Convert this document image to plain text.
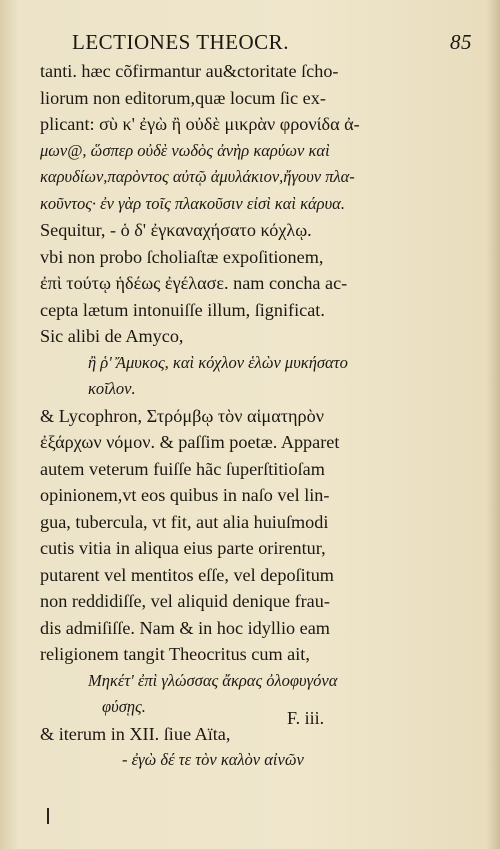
LECTIONES THEOCR.	85
tanti. hæc cõfirmantur au&ctoritate ſcho-
liorum non editorum,quæ locum ſic ex-
plicant: σὺ κ' ἐγὼ ἢ οὐδὲ μικρὰν φρονίδα ἀ-
μων@, ὥσπερ οὐδὲ νωδὸς ἀνὴρ καρύων καὶ
καρυδίων,παρὸντος αὐτῷ ἀμυλάκιον,ἤγουν πλα-
κοῦντος· ἐν γὰρ τοῖς πλακοῦσιν εἰσὶ καὶ κάρυα.
Sequitur, - ὁ δ' ἐγκαναχήσατο κόχλῳ.
vbi non probo ſcholiaſtæ expoſitionem,
ἐπὶ τούτῳ ἡδέως ἐγέλασε. nam concha ac-
cepta lætum intonuiſſe illum, ſignificat.
Sic alibi de Amyco,
ἢ ῥ' Ἄμυκος, καὶ κόχλον ἑλὼν μυκήσατο
κοῖλον.
& Lycophron, Στρόμβῳ τὸν αἱματηρὸν
ἐξάρχων νόμον. & paſſim poetæ. Apparet
autem veterum fuiſſe hãc ſuperſtitioſam
opinionem,vt eos quibus in naſo vel lin-
gua, tubercula, vt fit, aut alia huiuſmodi
cutis vitia in aliqua eius parte orirentur,
putarent vel mentitos eſſe, vel depoſitum
non reddidiſſe, vel aliquid denique frau-
dis admiſiſſe. Nam & in hoc idyllio eam
religionem tangit Theocritus cum ait,
Μηκέτ' ἐπὶ γλώσσας ἄκρας ὀλοφυγόνα
φύσῃς.
& iterum in XII. ſiue Aïta,
- ἐγὼ δέ τε τὸν καλὸν αἰνῶν
F. iii.
